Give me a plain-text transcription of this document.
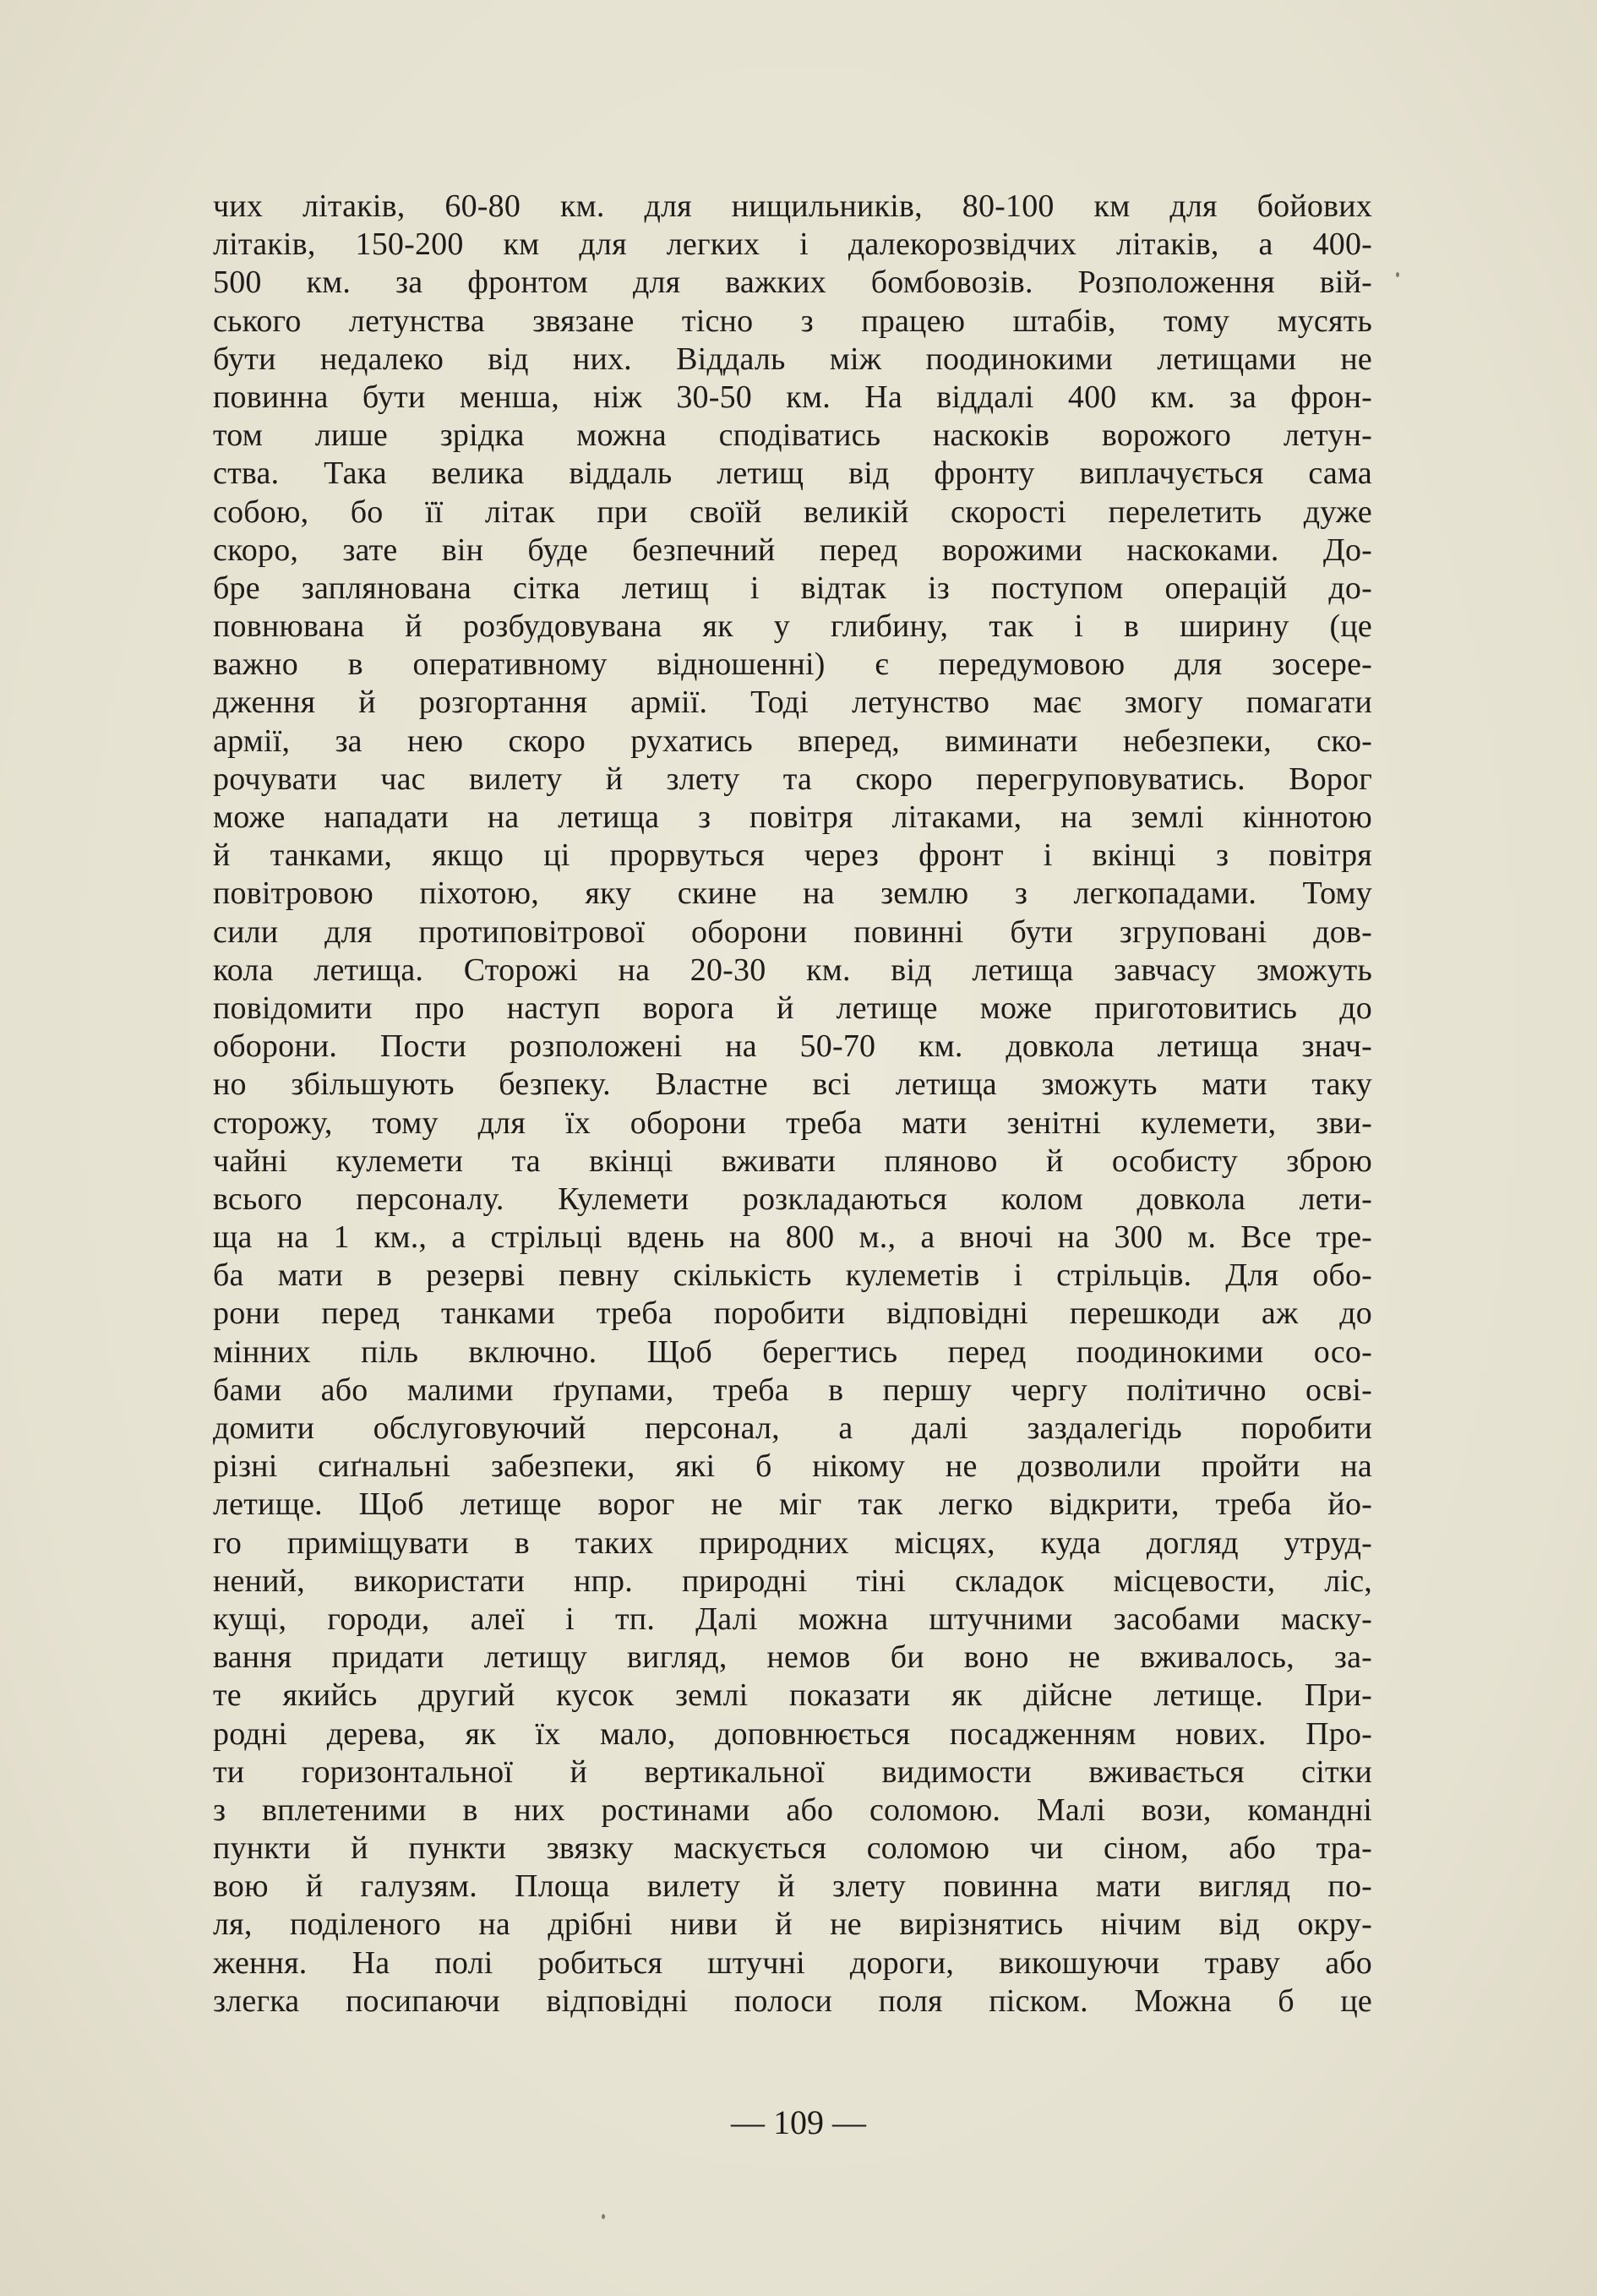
чих літаків, 60-80 км. для нищильників, 80-100 км для бойових
літаків, 150-200 км для легких і далекорозвідчих літаків, а 400-
500 км. за фронтом для важких бомбовозів. Розположення вій-
ського летунства звязане тісно з працею штабів, тому мусять
бути недалеко від них. Віддаль між поодинокими летищами не
повинна бути менша, ніж 30-50 км. На віддалі 400 км. за фрон-
том лише зрідка можна сподіватись наскоків ворожого летун-
ства. Така велика віддаль летищ від фронту виплачується сама
собою, бо її літак при своїй великій скорості перелетить дуже
скоро, зате він буде безпечний перед ворожими наскоками. До-
бре заплянована сітка летищ і відтак із поступом операцій до-
повнювана й розбудовувана як у глибину, так і в ширину (це
важно в оперативному відношенні) є передумовою для зосере-
дження й розгортання армії. Тоді летунство має змогу помагати
армії, за нею скоро рухатись вперед, виминати небезпеки, ско-
рочувати час вилету й злету та скоро перегруповуватись. Ворог
може нападати на летища з повітря літаками, на землі кіннотою
й танками, якщо ці прорвуться через фронт і вкінці з повітря
повітровою піхотою, яку скине на землю з легкопадами. Тому
сили для протиповітрової оборони повинні бути згруповані дов-
кола летища. Сторожі на 20-30 км. від летища завчасу зможуть
повідомити про наступ ворога й летище може приготовитись до
оборони. Пости розположені на 50-70 км. довкола летища знач-
но збільшують безпеку. Властне всі летища зможуть мати таку
сторожу, тому для їх оборони треба мати зенітні кулемети, зви-
чайні кулемети та вкінці вживати пляново й особисту зброю
всього персоналу. Кулемети розкладаються колом довкола лети-
ща на 1 км., а стрільці вдень на 800 м., а вночі на 300 м. Все тре-
ба мати в резерві певну скількість кулеметів і стрільців. Для обо-
рони перед танками треба поробити відповідні перешкоди аж до
мінних піль включно. Щоб берегтись перед поодинокими осо-
бами або малими ґрупами, треба в першу чергу політично осві-
домити обслуговуючий персонал, а далі заздалегідь поробити
різні сиґнальні забезпеки, які б нікому не дозволили пройти на
летище. Щоб летище ворог не міг так легко відкрити, треба йо-
го приміщувати в таких природних місцях, куда догляд утруд-
нений, використати нпр. природні тіні складок місцевости, ліс,
кущі, городи, алеї і тп. Далі можна штучними засобами маску-
вання придати летищу вигляд, немов би воно не вживалось, за-
те якийсь другий кусок землі показати як дійсне летище. При-
родні дерева, як їх мало, доповнюється посадженням нових. Про-
ти горизонтальної й вертикальної видимости вживається сітки
з вплетеними в них ростинами або соломою. Малі вози, командні
пункти й пункти звязку маскується соломою чи сіном, або тра-
вою й галузям. Площа вилету й злету повинна мати вигляд по-
ля, поділеного на дрібні ниви й не вирізнятись нічим від окру-
ження. На полі робиться штучні дороги, викошуючи траву або
злегка посипаючи відповідні полоси поля піском. Можна б це
— 109 —
